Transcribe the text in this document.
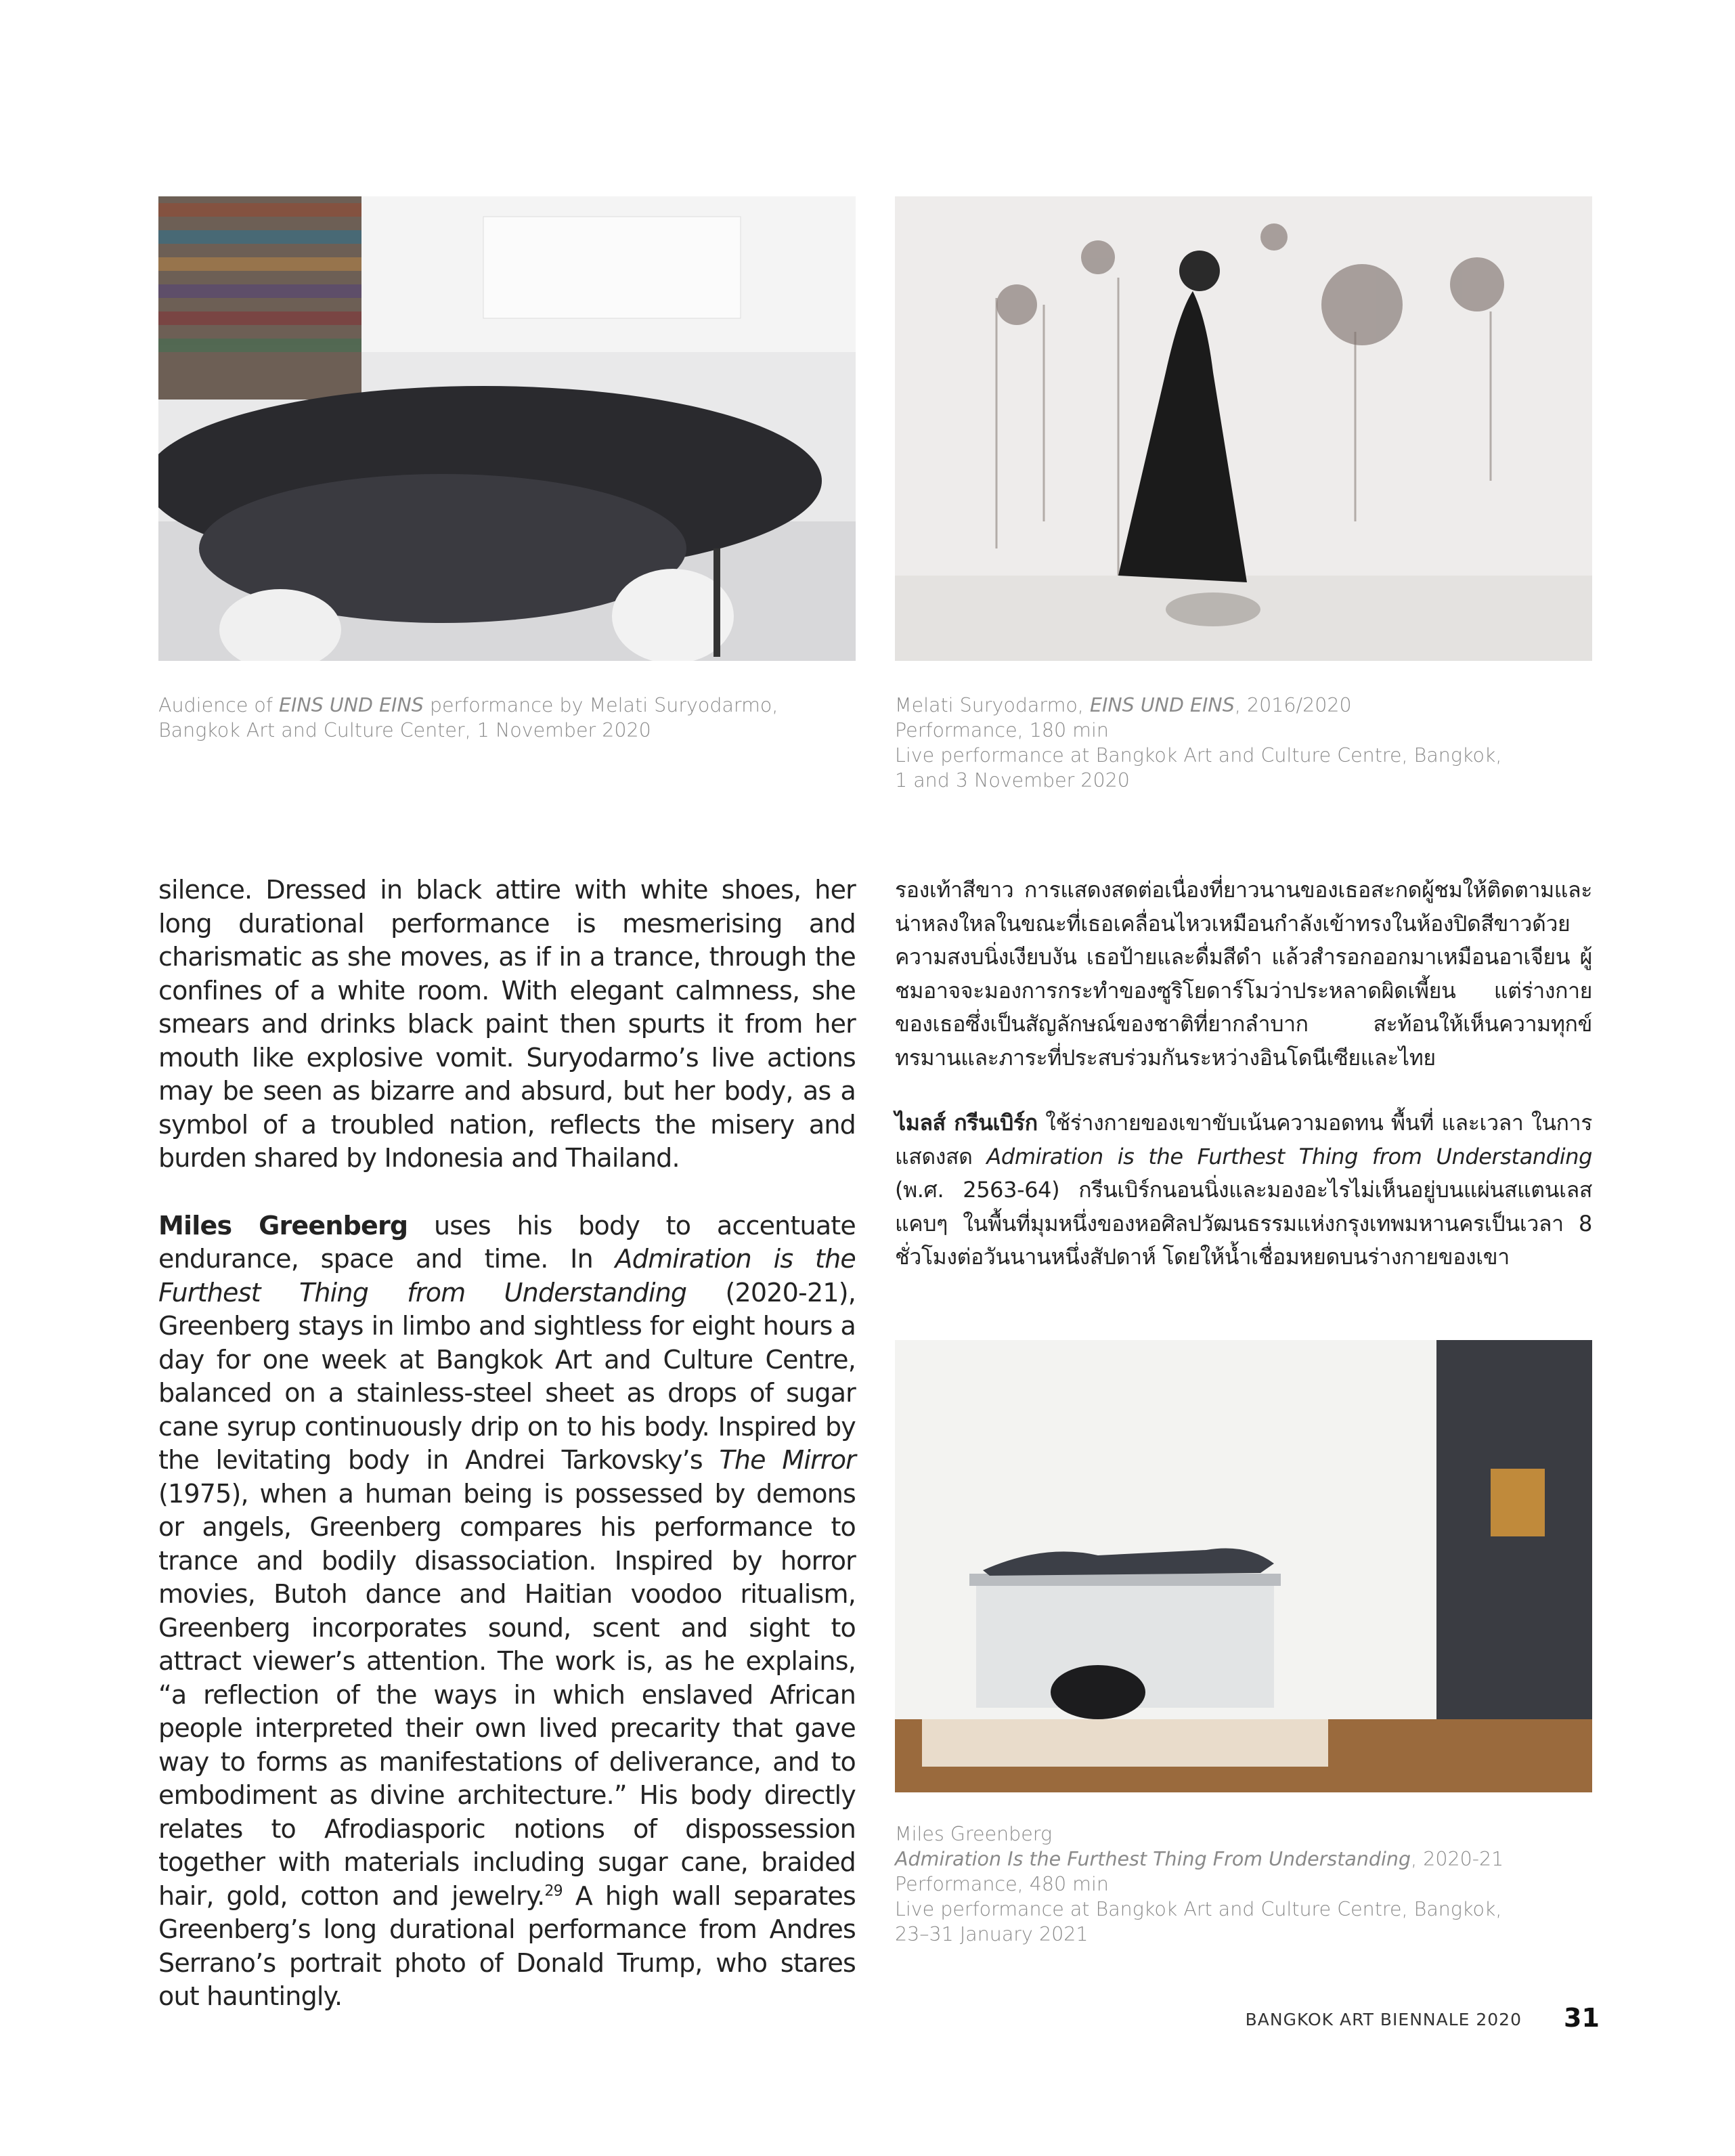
Audience of EINS UND EINS performance by Melati Suryodarmo,
Bangkok Art and Culture Center, 1 November 2020
Melati Suryodarmo, EINS UND EINS, 2016/2020
Performance, 180 min
Live performance at Bangkok Art and Culture Centre, Bangkok,
1 and 3 November 2020

silence. Dressed in black attire with white shoes, her long durational performance is mesmerising and charismatic as she moves, as if in a trance, through the confines of a white room. With elegant calmness, she smears and drinks black paint then spurts it from her mouth like explosive vomit. Suryodarmo’s live actions may be seen as bizarre and absurd, but her body, as a symbol of a troubled nation, reflects the misery and burden shared by Indonesia and Thailand.

Miles Greenberg uses his body to accentuate endurance, space and time. In Admiration is the Furthest Thing from Understanding (2020-21), Greenberg stays in limbo and sightless for eight hours a day for one week at Bangkok Art and Culture Centre, balanced on a stainless-steel sheet as drops of sugar cane syrup continuously drip on to his body. Inspired by the levitating body in Andrei Tarkovsky’s The Mirror (1975), when a human being is possessed by demons or angels, Greenberg compares his performance to trance and bodily disassociation. Inspired by horror movies, Butoh dance and Haitian voodoo ritualism, Greenberg incorporates sound, scent and sight to attract viewer’s attention. The work is, as he explains, “a reflection of the ways in which enslaved African people interpreted their own lived precarity that gave way to forms as manifestations of deliverance, and to embodiment as divine architecture.” His body directly relates to Afrodiasporic notions of dispossession together with materials including sugar cane, braided hair, gold, cotton and jewelry.$^{29}$ A high wall separates Greenberg’s long durational performance from Andres Serrano’s portrait photo of Donald Trump, who stares out hauntingly.

รองเท้าสีขาว การแสดงสดต่อเนื่องที่ยาวนานของเธอสะกดผู้ชมให้ติดตามและน่าหลงใหลในขณะที่เธอเคลื่อนไหวเหมือนกำลังเข้าทรงในห้องปิดสีขาวด้วยความสงบนิ่งเงียบงัน เธอป้ายและดื่มสีดำ แล้วสำรอกออกมาเหมือนอาเจียน ผู้ชมอาจจะมองการกระทำของซูริโยดาร์โมว่าประหลาดผิดเพี้ยน แต่ร่างกายของเธอซึ่งเป็นสัญลักษณ์ของชาติที่ยากลำบาก สะท้อนให้เห็นความทุกข์ทรมานและภาระที่ประสบร่วมกันระหว่างอินโดนีเซียและไทย

ไมลส์ กรีนเบิร์ก ใช้ร่างกายของเขาขับเน้นความอดทน พื้นที่ และเวลา ในการแสดงสด Admiration is the Furthest Thing from Understanding (พ.ศ. 2563-64) กรีนเบิร์กนอนนิ่งและมองอะไรไม่เห็นอยู่บนแผ่นสแตนเลสแคบๆ ในพื้นที่มุมหนึ่งของหอศิลปวัฒนธรรมแห่งกรุงเทพมหานครเป็นเวลา 8 ชั่วโมงต่อวันนานหนึ่งสัปดาห์ โดยให้น้ำเชื่อมหยดบนร่างกายของเขา

Miles Greenberg
Admiration Is the Furthest Thing From Understanding, 2020-21
Performance, 480 min
Live performance at Bangkok Art and Culture Centre, Bangkok,
23–31 January 2021
BANGKOK ART BIENNALE 2020 31
